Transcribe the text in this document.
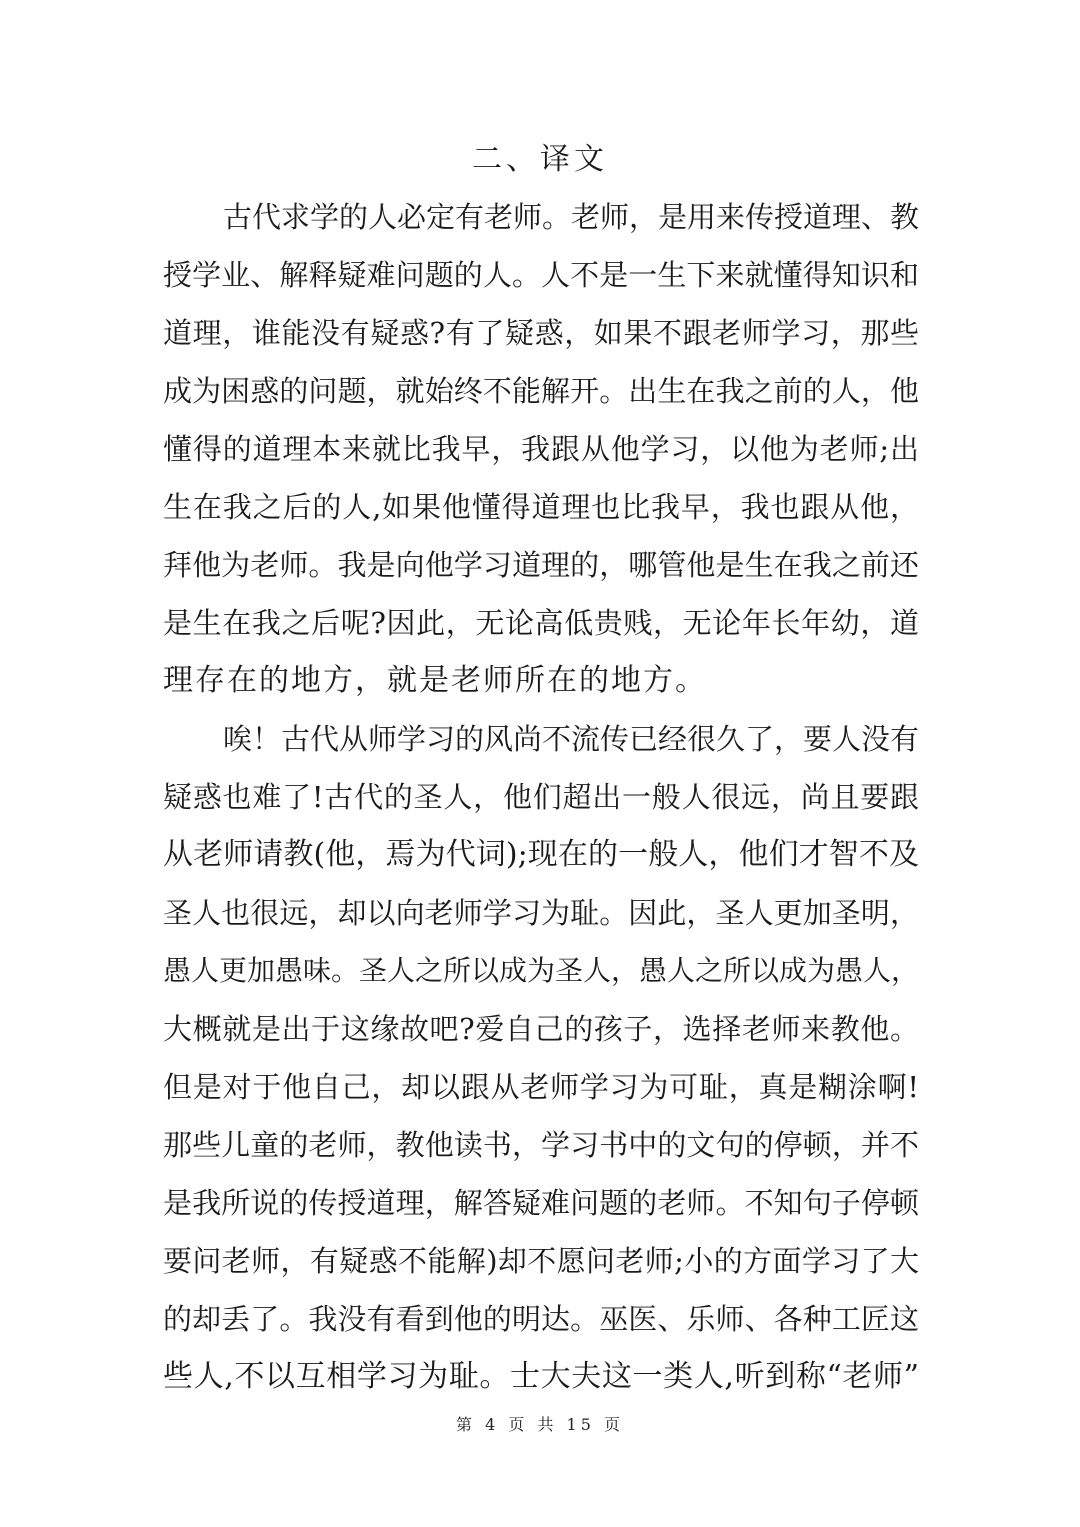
二、译文
古代求学的人必定有老师。老师，是用来传授道理、教
授学业、解释疑难问题的人。人不是一生下来就懂得知识和
道理，谁能没有疑惑?有了疑惑，如果不跟老师学习，那些
成为困惑的问题，就始终不能解开。出生在我之前的人，他
懂得的道理本来就比我早，我跟从他学习，以他为老师;出
生在我之后的人,如果他懂得道理也比我早，我也跟从他，
拜他为老师。我是向他学习道理的，哪管他是生在我之前还
是生在我之后呢?因此，无论高低贵贱，无论年长年幼，道
理存在的地方，就是老师所在的地方。
唉！古代从师学习的风尚不流传已经很久了，要人没有
疑惑也难了!古代的圣人，他们超出一般人很远，尚且要跟
从老师请教(他，焉为代词);现在的一般人，他们才智不及
圣人也很远，却以向老师学习为耻。因此，圣人更加圣明，
愚人更加愚味。圣人之所以成为圣人，愚人之所以成为愚人，
大概就是出于这缘故吧?爱自己的孩子，选择老师来教他。
但是对于他自己，却以跟从老师学习为可耻，真是糊涂啊!
那些儿童的老师，教他读书，学习书中的文句的停顿，并不
是我所说的传授道理，解答疑难问题的老师。不知句子停顿
要问老师，有疑惑不能解)却不愿问老师;小的方面学习了大
的却丢了。我没有看到他的明达。巫医、乐师、各种工匠这
些人,不以互相学习为耻。士大夫这一类人,听到称“老师”
第 4 页 共 15 页
